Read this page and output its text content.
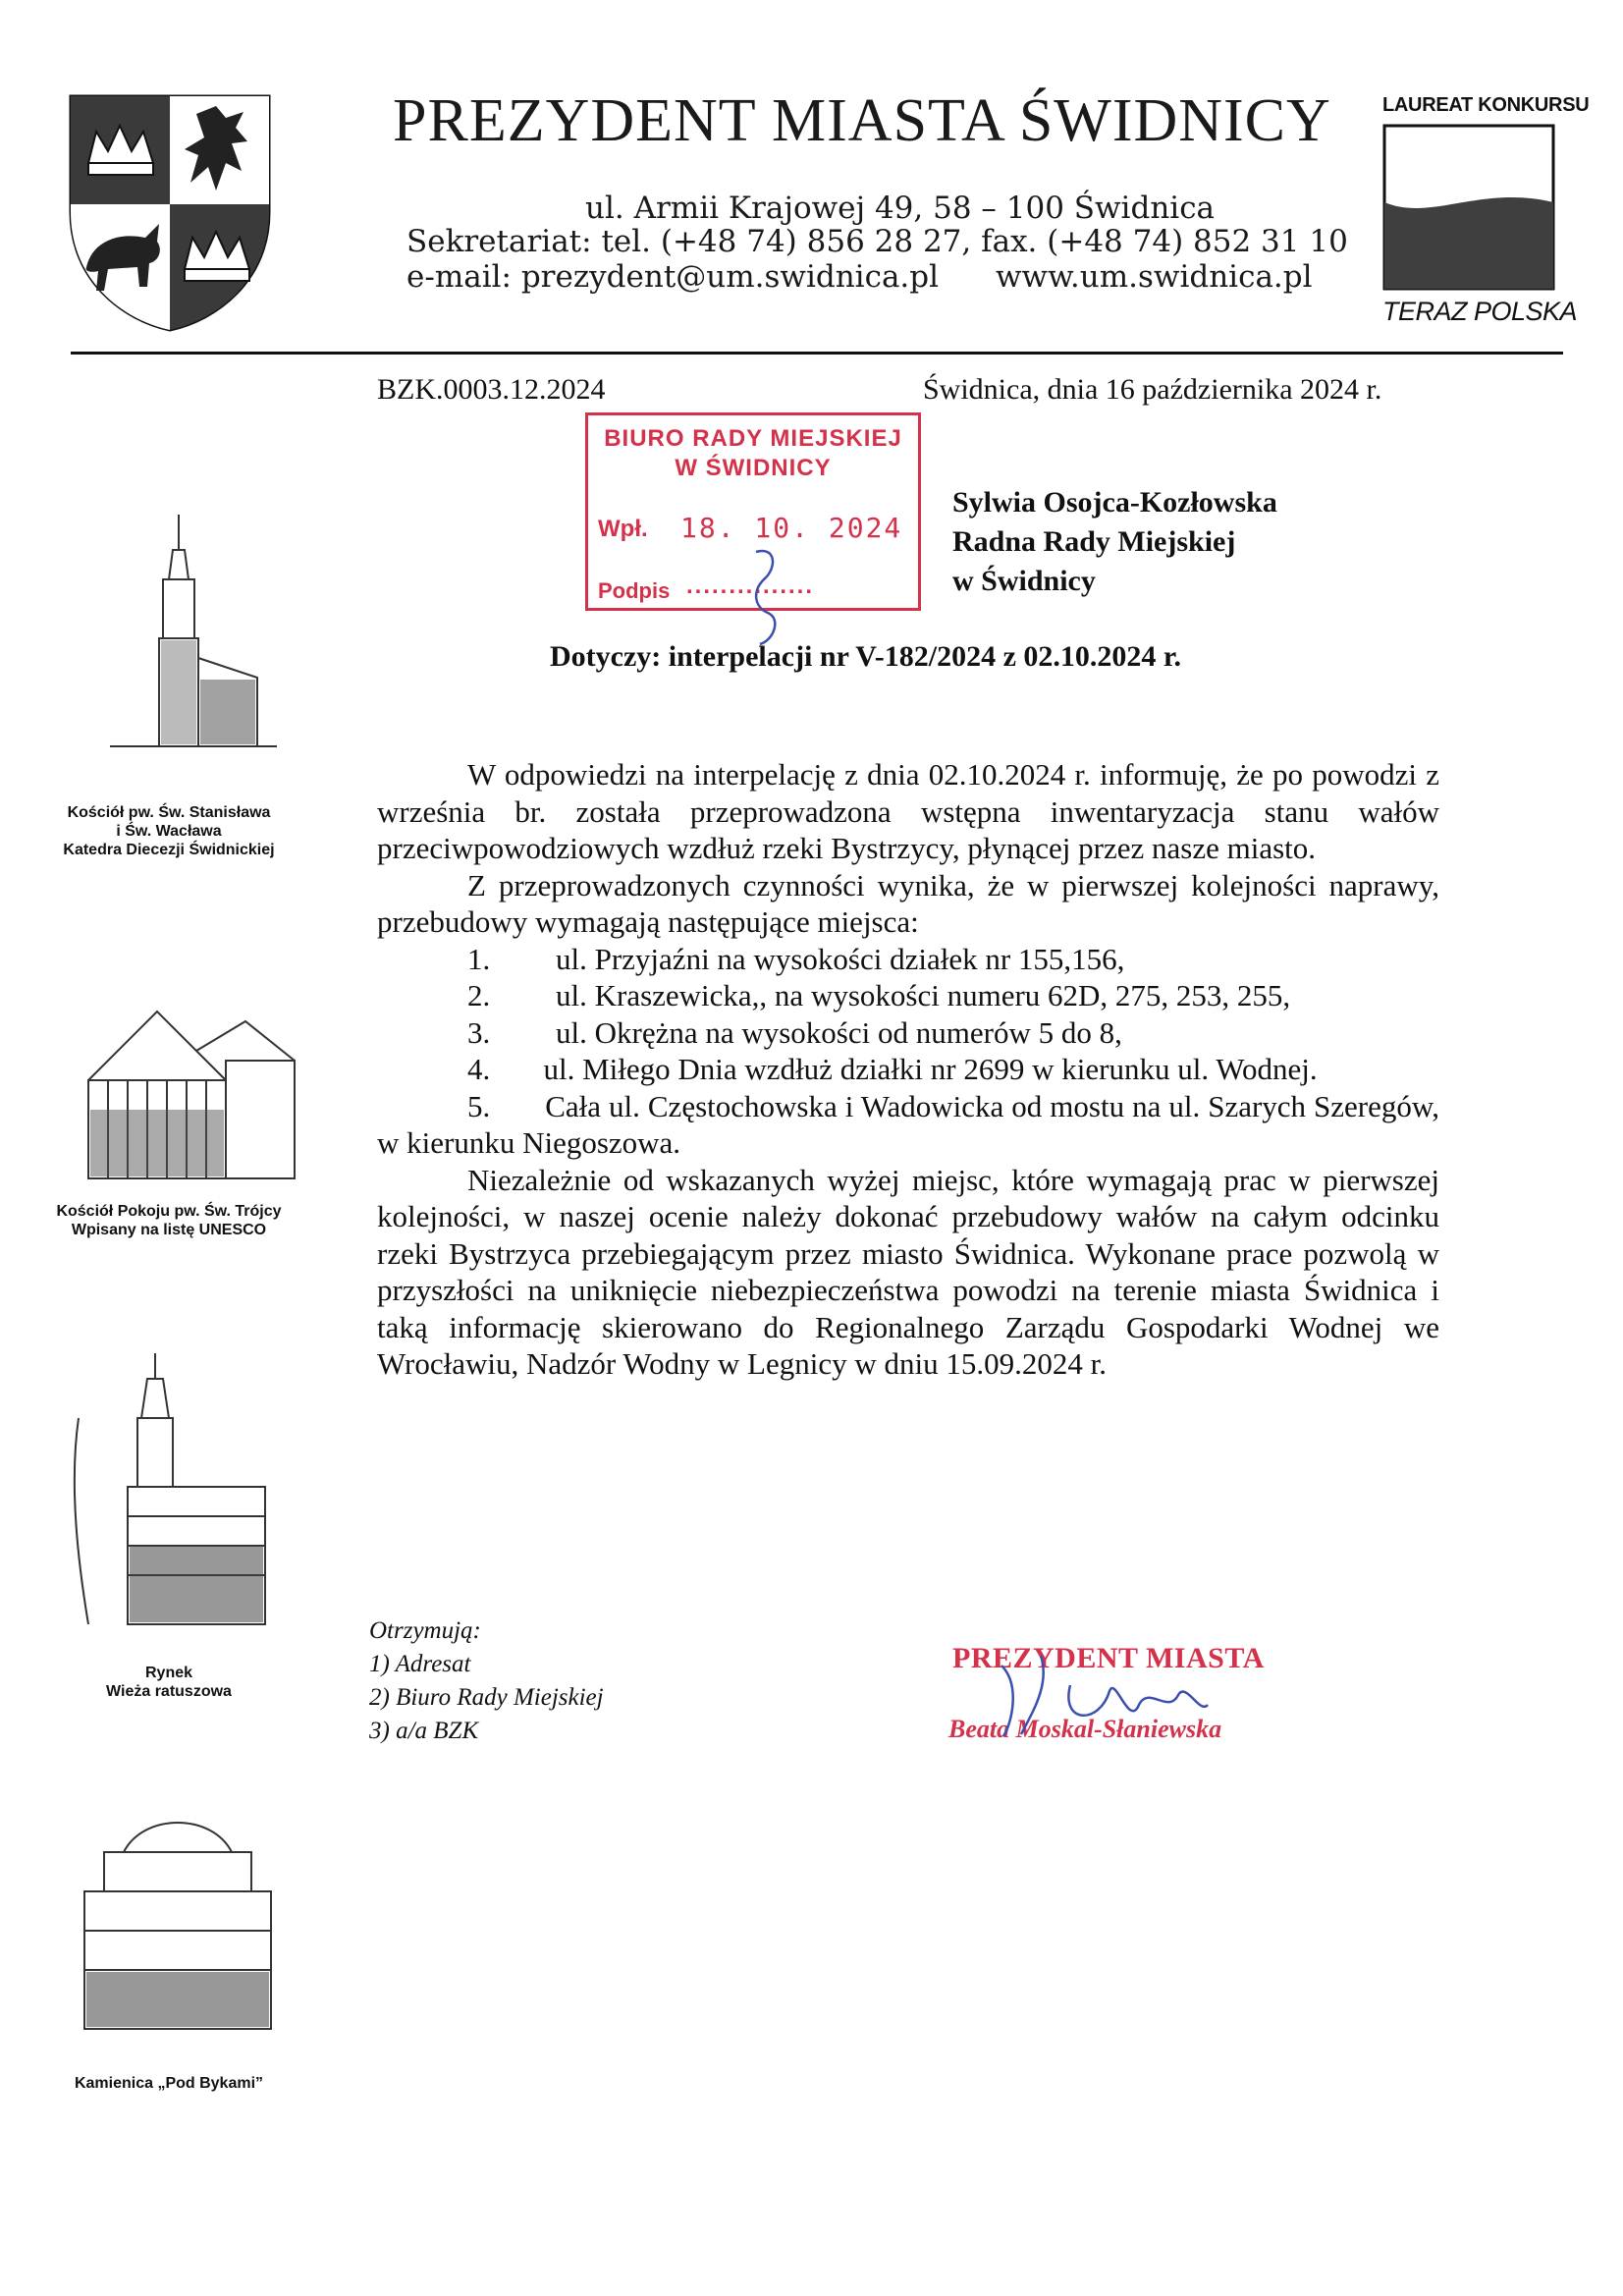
PREZYDENT MIASTA ŚWIDNICY
ul. Armii Krajowej 49, 58 – 100 Świdnica
Sekretariat: tel. (+48 74) 856 28 27, fax. (+48 74) 852 31 10
e-mail: prezydent@um.swidnica.pl www.um.swidnica.pl
LAUREAT KONKURSU
TERAZ POLSKA
BZK.0003.12.2024	Świdnica, dnia 16 października 2024 r.
BIURO RADY MIEJSKIEJ
W ŚWIDNICY
Wpł. 18. 10. 2024
Podpis ...............
Sylwia Osojca-Kozłowska
Radna Rady Miejskiej
w Świdnicy
Dotyczy: interpelacji nr V-182/2024 z 02.10.2024 r.

W odpowiedzi na interpelację z dnia 02.10.2024 r. informuję, że po powodzi z września br. została przeprowadzona wstępna inwentaryzacja stanu wałów przeciwpowodziowych wzdłuż rzeki Bystrzycy, płynącej przez nasze miasto.

Z przeprowadzonych czynności wynika, że w pierwszej kolejności naprawy, przebudowy wymagają następujące miejsca:

1.	ul. Przyjaźni na wysokości działek nr 155,156,
2.	ul. Kraszewicka,, na wysokości numeru 62D, 275, 253, 255,
3.	ul. Okrężna na wysokości od numerów 5 do 8,

4. ul. Miłego Dnia wzdłuż działki nr 2699 w kierunku ul. Wodnej.

5. Cała ul. Częstochowska i Wadowicka od mostu na ul. Szarych Szeregów, w kierunku Niegoszowa.

Niezależnie od wskazanych wyżej miejsc, które wymagają prac w pierwszej kolejności, w naszej ocenie należy dokonać przebudowy wałów na całym odcinku rzeki Bystrzyca przebiegającym przez miasto Świdnica. Wykonane prace pozwolą w przyszłości na uniknięcie niebezpieczeństwa powodzi na terenie miasta Świdnica i taką informację skierowano do Regionalnego Zarządu Gospodarki Wodnej we Wrocławiu, Nadzór Wodny w Legnicy w dniu 15.09.2024 r.

Otrzymują:
1) Adresat
2) Biuro Rady Miejskiej
3) a/a BZK
PREZYDENT MIASTA
Beata Moskal-Słaniewska
Kościół pw. Św. Stanisława
i Św. Wacława
Katedra Diecezji Świdnickiej
Kościół Pokoju pw. Św. Trójcy
Wpisany na listę UNESCO
Rynek
Wieża ratuszowa
Kamienica „Pod Bykami”
